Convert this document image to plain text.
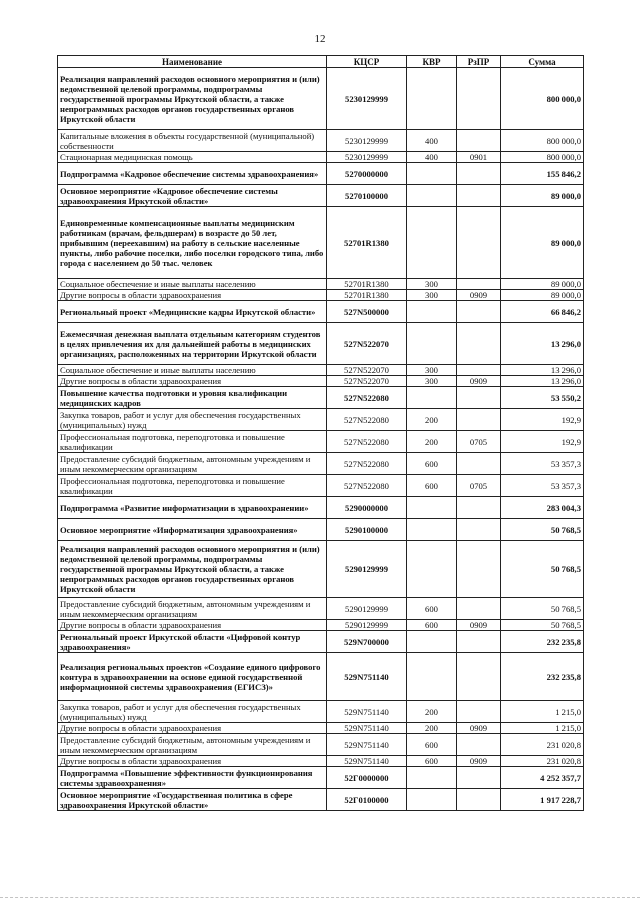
12
Наименование	КЦСР	КВР	РзПР	Сумма
Реализация направлений расходов основного мероприятия и (или) ведомственной целевой программы, подпрограммы государственной программы Иркутской области, а также непрограммных расходов органов государственных органов Иркутской области	5230129999			800 000,0
Капитальные вложения в объекты государственной (муниципальной) собственности	5230129999	400		800 000,0
Стационарная медицинская помощь	5230129999	400	0901	800 000,0
Подпрограмма «Кадровое обеспечение системы здравоохранения»	5270000000			155 846,2
Основное мероприятие «Кадровое обеспечение системы здравоохранения Иркутской области»	5270100000			89 000,0
Единовременные компенсационные выплаты медицинским работникам (врачам, фельдшерам) в возрасте до 50 лет, прибывшим (переехавшим) на работу в сельские населенные пункты, либо рабочие поселки, либо поселки городского типа, либо города с населением до 50 тыс. человек	52701R1380			89 000,0
Социальное обеспечение и иные выплаты населению	52701R1380	300		89 000,0
Другие вопросы в области здравоохранения	52701R1380	300	0909	89 000,0
Региональный проект «Медицинские кадры Иркутской области»	527N500000			66 846,2
Ежемесячная денежная выплата отдельным категориям студентов в целях привлечения их для дальнейшей работы в медицинских организациях, расположенных на территории Иркутской области	527N522070			13 296,0
Социальное обеспечение и иные выплаты населению	527N522070	300		13 296,0
Другие вопросы в области здравоохранения	527N522070	300	0909	13 296,0
Повышение качества подготовки и уровня квалификации медицинских кадров	527N522080			53 550,2
Закупка товаров, работ и услуг для обеспечения государственных (муниципальных) нужд	527N522080	200		192,9
Профессиональная подготовка, переподготовка и повышение квалификации	527N522080	200	0705	192,9
Предоставление субсидий бюджетным, автономным учреждениям и иным некоммерческим организациям	527N522080	600		53 357,3
Профессиональная подготовка, переподготовка и повышение квалификации	527N522080	600	0705	53 357,3
Подпрограмма «Развитие информатизации в здравоохранении»	5290000000			283 004,3
Основное мероприятие «Информатизация здравоохранения»	5290100000			50 768,5
Реализация направлений расходов основного мероприятия и (или) ведомственной целевой программы, подпрограммы государственной программы Иркутской области, а также непрограммных расходов органов государственных органов Иркутской области	5290129999			50 768,5
Предоставление субсидий бюджетным, автономным учреждениям и иным некоммерческим организациям	5290129999	600		50 768,5
Другие вопросы в области здравоохранения	5290129999	600	0909	50 768,5
Региональный проект Иркутской области «Цифровой контур здравоохранения»	529N700000			232 235,8
Реализация региональных проектов «Создание единого цифрового контура в здравоохранении на основе единой государственной информационной системы здравоохранения (ЕГИСЗ)»	529N751140			232 235,8
Закупка товаров, работ и услуг для обеспечения государственных (муниципальных) нужд	529N751140	200		1 215,0
Другие вопросы в области здравоохранения	529N751140	200	0909	1 215,0
Предоставление субсидий бюджетным, автономным учреждениям и иным некоммерческим организациям	529N751140	600		231 020,8
Другие вопросы в области здравоохранения	529N751140	600	0909	231 020,8
Подпрограмма «Повышение эффективности функционирования системы здравоохранения»	52Г0000000			4 252 357,7
Основное мероприятие «Государственная политика в сфере здравоохранения Иркутской области»	52Г0100000			1 917 228,7
